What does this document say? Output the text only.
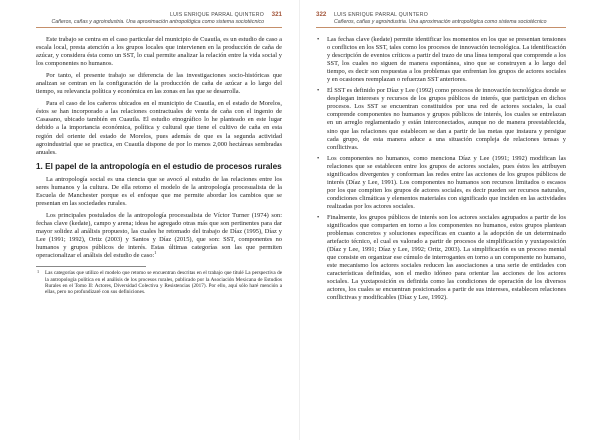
LUIS ENRIQUE PARRAL QUINTERO
Cañeros, cañas y agroindustria. Una aproximación antropológica como sistema sociotécnico
321

Este trabajo se centra en el caso particular del municipio de Cuautla, es un estudio de caso a escala local, presta atención a los grupos locales que intervienen en la producción de caña de azúcar, y considera ésta como un SST, lo cual permite analizar la relación entre la vida social y los componentes no humanos.

Por tanto, el presente trabajo se diferencia de las investigaciones socio-históricas que analizan se centran en la configuración de la producción de caña de azúcar a lo largo del tiempo, su relevancia política y económica en las zonas en las que se desarrolla.

Para el caso de los cañeros ubicados en el municipio de Cuautla, en el estado de Morelos, éstos se han incorporado a las relaciones contractuales de venta de caña con el ingenio de Casasano, ubicado también en Cuautla. El estudio etnográfico lo he planteado en este lugar debido a la importancia económica, política y cultural que tiene el cultivo de caña en esta región del oriente del estado de Morelos, pues además de que es la segunda actividad agroindustrial que se practica, en Cuautla dispone de por lo menos 2,000 hectáreas sembradas anuales.

1. El papel de la antropología en el estudio de procesos rurales

La antropología social es una ciencia que se avocó al estudio de las relaciones entre los seres humanos y la cultura. De ella retomo el modelo de la antropología procesualista de la Escuela de Manchester porque es el enfoque que me permite abordar los cambios que se presentan en las sociedades rurales.

Los principales postulados de la antropología procesualista de Víctor Turner (1974) son: fechas clave (kedate), campo y arena; ideas he agregado otras más que son pertinentes para dar mayor solidez al análisis propuesto, las cuales he retomado del trabajo de Díaz (1995), Díaz y Lee (1991; 1992), Ortiz (2003) y Santos y Díaz (2015), que son: SST, componentes no humanos y grupos públicos de interés. Estas últimas categorías son las que permiten operacionalizar el análisis del estudio de caso:$^1$

1 Las categorías que utilizo el modelo que retomo se encuentran descritas en el trabajo que titulé La perspectiva de la antropología política en el análisis de los procesos rurales, publicado por la Asociación Mexicana de Estudios Rurales en el Tomo II: Actores, Diversidad Colectiva y Resistencias (2017). Por ello, aquí sólo haré mención a ellas, pero no profundizaré con sus definiciones.
322 LUIS ENRIQUE PARRAL QUINTERO
Cañeros, cañas y agroindustria. Una aproximación antropológica como sistema sociotécnico
• Las fechas clave (kedate) permite identificar los momentos en los que se presentan tensiones o conflictos en los SST, tales como los procesos de innovación tecnológica. La identificación y descripción de eventos críticos a partir del trazo de una línea temporal que comprende a los SST, los cuales no siguen de manera espontánea, sino que se construyen a lo largo del tiempo, es decir son respuestas a los problemas que enfrentan los grupos de actores sociales y en ocasiones reemplazan o refuerzan SST anteriores.
• El SST es definido por Díaz y Lee (1992) como procesos de innovación tecnológica donde se despliegan intereses y recursos de los grupos públicos de interés, que participan en dichos procesos. Los SST se encuentran constituidos por una red de actores sociales, la cual comprende componentes no humanos y grupos públicos de interés, los cuales se entrelazan en un arreglo reglamentado y están interconectados, aunque no de manera preestablecida, sino que las relaciones que establecen se dan a partir de las metas que instaura y persigue cada grupo, de esta manera aduce a una situación compleja de relaciones tensas y conflictivas.
• Los componentes no humanos, como menciona Díaz y Lee (1991; 1992) modifican las relaciones que se establecen entre los grupos de actores sociales, pues éstos les atribuyen significados divergentes y conforman las redes entre las acciones de los grupos públicos de interés (Díaz y Lee, 1991). Los componentes no humanos son recursos limitados o escasos por los que compiten los grupos de actores sociales, es decir pueden ser recursos naturales, condiciones climáticas y elementos materiales con significado que inciden en las actividades realizadas por los actores sociales.
• Finalmente, los grupos públicos de interés son los actores sociales agrupados a partir de los significados que comparten en torno a los componentes no humanos, estos grupos plantean problemas concretos y soluciones específicas en cuanto a la adopción de un determinado artefacto técnico, el cual es valorado a partir de procesos de simplificación y yuxtaposición (Díaz y Lee, 1991; Díaz y Lee, 1992; Ortiz, 2003). La simplificación es un proceso mental que consiste en organizar ese cúmulo de interrogantes en torno a un componente no humano, este mecanismo los actores sociales reducen las asociaciones a una serie de entidades con características definidas, son el medio idóneo para orientar las acciones de los actores sociales. La yuxtaposición es definida como las condiciones de operación de los diversos actores, los cuales se encuentran posicionados a partir de sus intereses, establecen relaciones conflictivas y modificables (Díaz y Lee, 1992).
